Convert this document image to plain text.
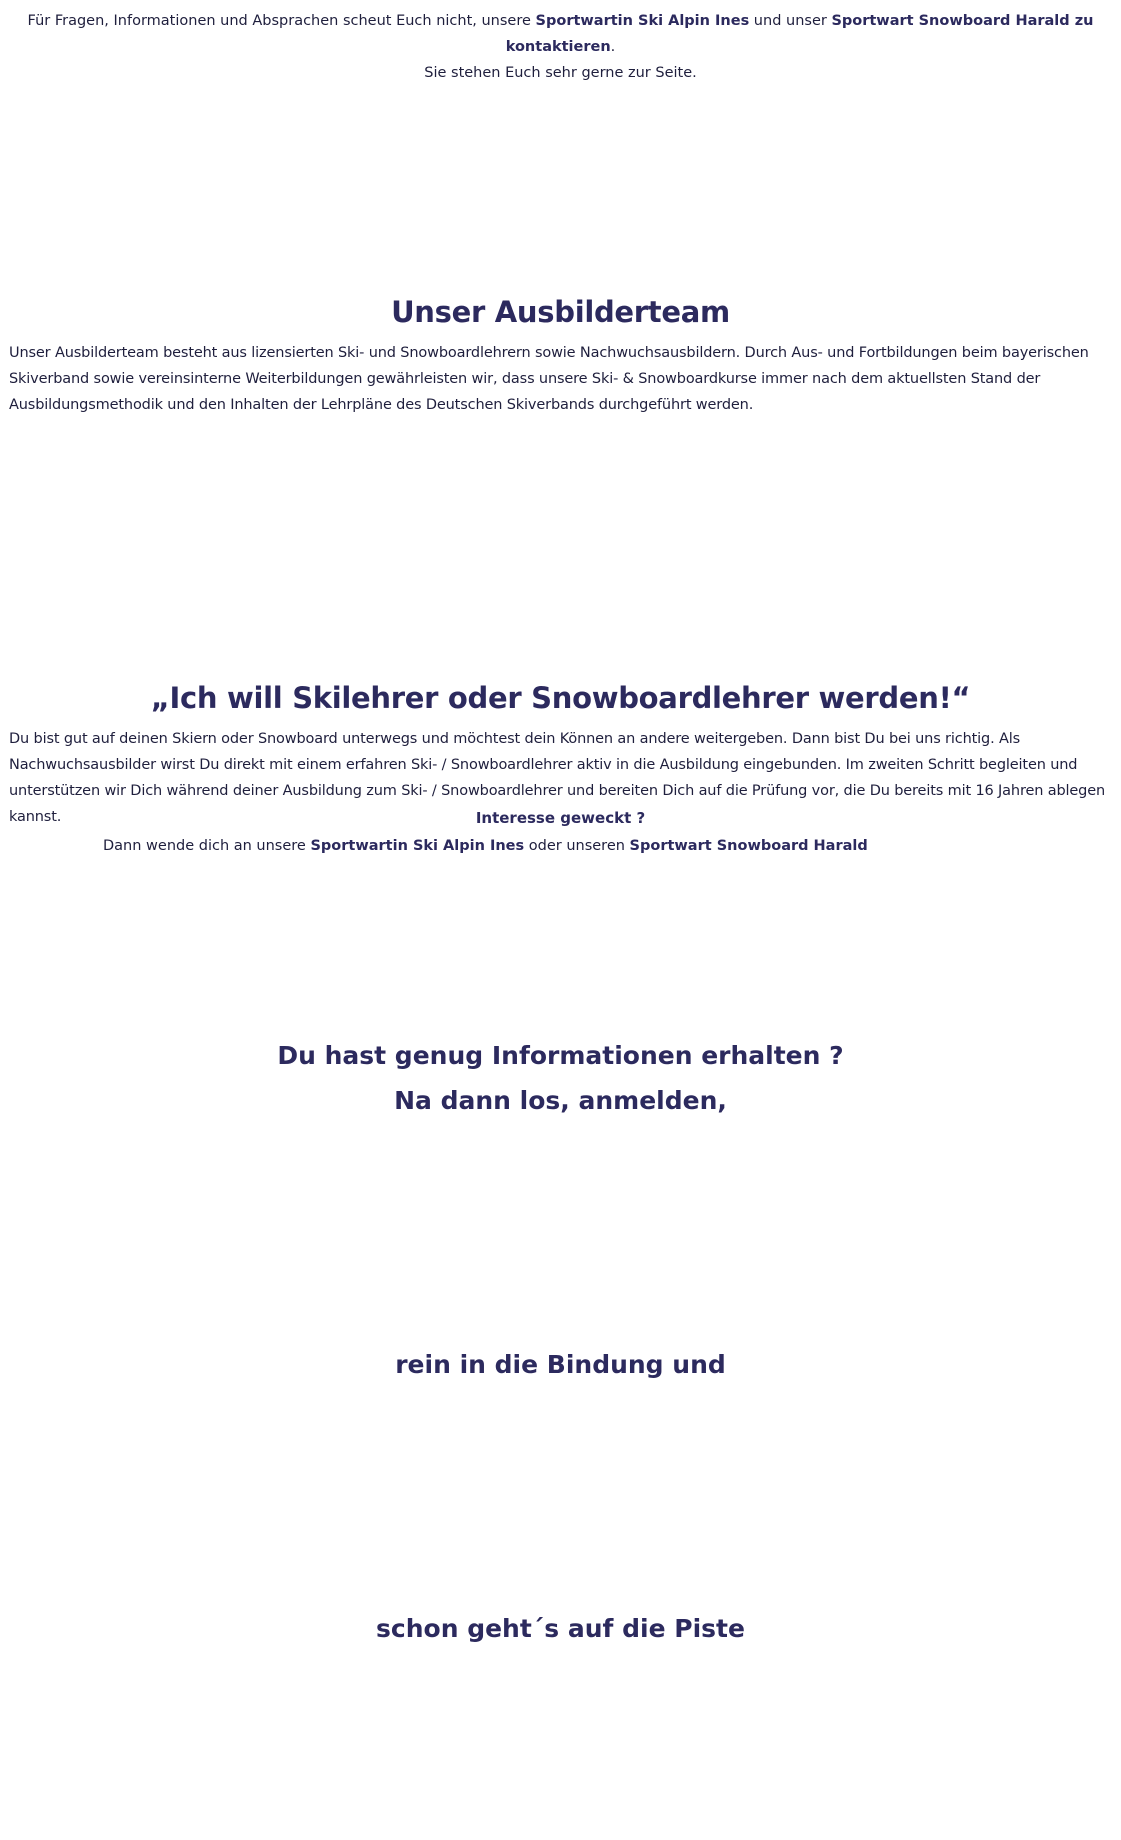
Für Fragen, Informationen und Absprachen scheut Euch nicht, unsere Sportwartin Ski Alpin Ines und unser Sportwart Snowboard Harald zu kontaktieren.
Sie stehen Euch sehr gerne zur Seite.
Unser Ausbilderteam
Unser Ausbilderteam besteht aus lizensierten Ski- und Snowboardlehrern sowie Nachwuchsausbildern. Durch Aus- und Fortbildungen beim bayerischen Skiverband sowie vereinsinterne Weiterbildungen gewährleisten wir, dass unsere Ski- & Snowboardkurse immer nach dem aktuellsten Stand der Ausbildungsmethodik und den Inhalten der Lehrpläne des Deutschen Skiverbands durchgeführt werden.
„Ich will Skilehrer oder Snowboardlehrer werden!“
Du bist gut auf deinen Skiern oder Snowboard unterwegs und möchtest dein Können an andere weitergeben. Dann bist Du bei uns richtig. Als Nachwuchsausbilder wirst Du direkt mit einem erfahren Ski- / Snowboardlehrer aktiv in die Ausbildung eingebunden. Im zweiten Schritt begleiten und unterstützen wir Dich während deiner Ausbildung zum Ski- / Snowboardlehrer und bereiten Dich auf die Prüfung vor, die Du bereits mit 16 Jahren ablegen kannst.	Interesse geweckt ?
Dann wende dich an unsere Sportwartin Ski Alpin Ines oder unseren Sportwart Snowboard Harald
Du hast genug Informationen erhalten ?
Na dann los, anmelden,
rein in die Bindung und
schon geht´s auf die Piste
